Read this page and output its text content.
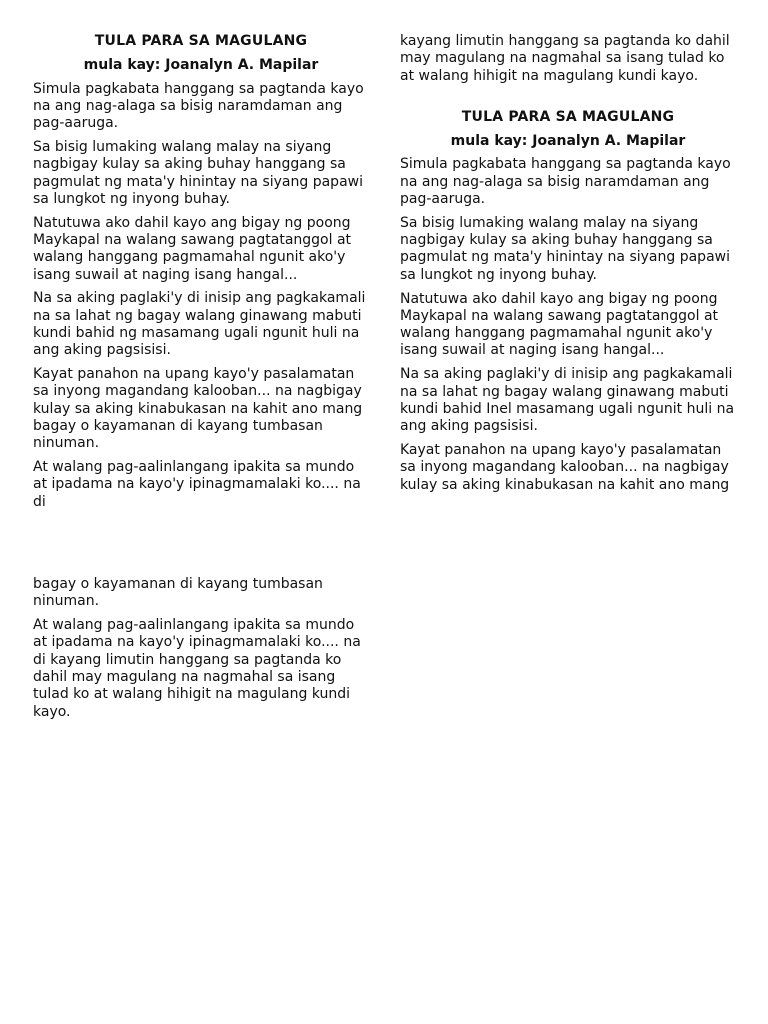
TULA PARA SA MAGULANG
mula kay: Joanalyn A. Mapilar

Simula pagkabata hanggang sa pagtanda kayo na ang nag-alaga sa bisig naramdaman ang pag-aaruga.

Sa bisig lumaking walang malay na siyang nagbigay kulay sa aking buhay hanggang sa pagmulat ng mata'y hinintay na siyang papawi sa lungkot ng inyong buhay.

Natutuwa ako dahil kayo ang bigay ng poong Maykapal na walang sawang pagtatanggol at walang hanggang pagmamahal ngunit ako'y isang suwail at naging isang hangal...

Na sa aking paglaki'y di inisip ang pagkakamali na sa lahat ng bagay walang ginawang mabuti kundi bahid ng masamang ugali ngunit huli na ang aking pagsisisi.

Kayat panahon na upang kayo'y pasalamatan sa inyong magandang kalooban... na nagbigay kulay sa aking kinabukasan na kahit ano mang bagay o kayamanan di kayang tumbasan ninuman.

At walang pag-aalinlangang ipakita sa mundo at ipadama na kayo'y ipinagmamalaki ko.... na di

bagay o kayamanan di kayang tumbasan ninuman.

At walang pag-aalinlangang ipakita sa mundo at ipadama na kayo'y ipinagmamalaki ko.... na di kayang limutin hanggang sa pagtanda ko dahil may magulang na nagmahal sa isang tulad ko at walang hihigit na magulang kundi kayo.

kayang limutin hanggang sa pagtanda ko dahil may magulang na nagmahal sa isang tulad ko at walang hihigit na magulang kundi kayo.

TULA PARA SA MAGULANG
mula kay: Joanalyn A. Mapilar

Simula pagkabata hanggang sa pagtanda kayo na ang nag-alaga sa bisig naramdaman ang pag-aaruga.

Sa bisig lumaking walang malay na siyang nagbigay kulay sa aking buhay hanggang sa pagmulat ng mata'y hinintay na siyang papawi sa lungkot ng inyong buhay.

Natutuwa ako dahil kayo ang bigay ng poong Maykapal na walang sawang pagtatanggol at walang hanggang pagmamahal ngunit ako'y isang suwail at naging isang hangal...

Na sa aking paglaki'y di inisip ang pagkakamali na sa lahat ng bagay walang ginawang mabuti kundi bahid Inel masamang ugali ngunit huli na ang aking pagsisisi.

Kayat panahon na upang kayo'y pasalamatan sa inyong magandang kalooban... na nagbigay kulay sa aking kinabukasan na kahit ano mang
